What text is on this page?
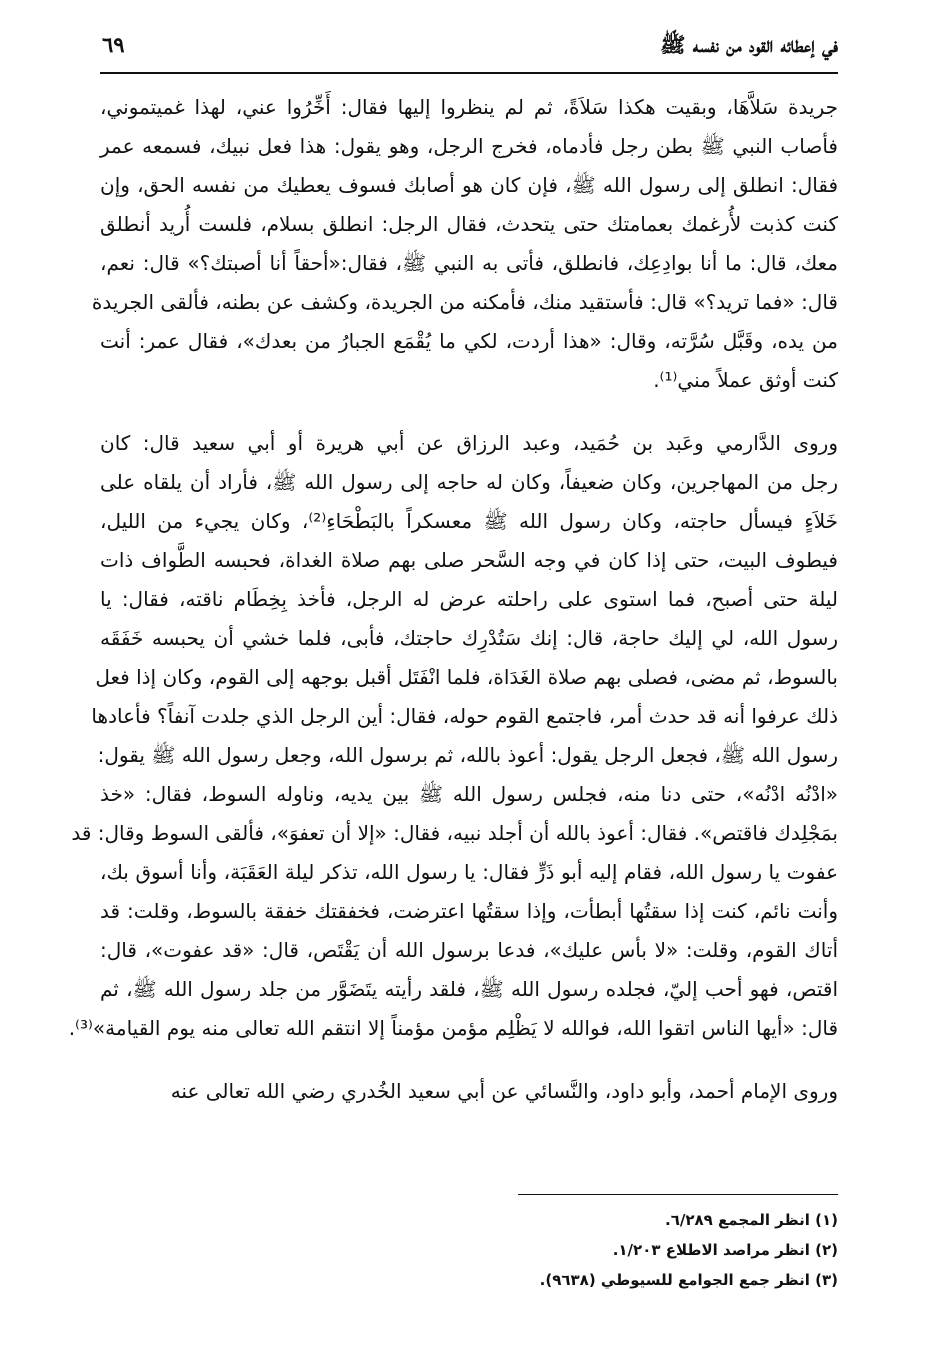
في إعطائه القود من نفسه ﷺ
٦٩
جريدة سَلاَّهَا، وبقيت هكذا سَلاَةً، ثم لم ينظروا إليها فقال: أَخِّرُوا عني، لهذا غميتموني،
فأصاب النبي ﷺ بطن رجل فأدماه، فخرج الرجل، وهو يقول: هذا فعل نبيك، فسمعه عمر
فقال: انطلق إلى رسول الله ﷺ، فإن كان هو أصابك فسوف يعطيك من نفسه الحق، وإن
كنت كذبت لأُرغمك بعمامتك حتى يتحدث، فقال الرجل: انطلق بسلام، فلست أُريد أنطلق
معك، قال: ما أنا بوادِعِك، فانطلق، فأتى به النبي ﷺ، فقال:«أحقاً أنا أصبتك؟» قال: نعم،
قال: «فما تريد؟» قال: فأستقيد منك، فأمكنه من الجريدة، وكشف عن بطنه، فألقى الجريدة
من يده، وقَبَّل سُرَّته، وقال: «هذا أردت، لكي ما يُقْمَع الجبارُ من بعدك»، فقال عمر: أنت
كنت أوثق عملاً مني⁽¹⁾.
وروى الدَّارمي وعَبد بن حُمَيد، وعبد الرزاق عن أبي هريرة أو أبي سعيد قال: كان
رجل من المهاجرين، وكان ضعيفاً، وكان له حاجه إلى رسول الله ﷺ، فأراد أن يلقاه على
خَلاَءٍ فيسأل حاجته، وكان رسول الله ﷺ معسكراً بالبَطْحَاءِ⁽²⁾، وكان يجيء من الليل،
فيطوف البيت، حتى إذا كان في وجه السَّحر صلى بهم صلاة الغداة، فحبسه الطَّواف ذات
ليلة حتى أصبح، فما استوى على راحلته عرض له الرجل، فأخذ بِخِطَام ناقته، فقال: يا
رسول الله، لي إليك حاجة، قال: إنك سَتُدْرِك حاجتك، فأبى، فلما خشي أن يحبسه خَفَقَه
بالسوط، ثم مضى، فصلى بهم صلاة الغَدَاة، فلما انْفَتَل أقبل بوجهه إلى القوم، وكان إذا فعل
ذلك عرفوا أنه قد حدث أمر، فاجتمع القوم حوله، فقال: أين الرجل الذي جلدت آنفاً؟ فأعادها
رسول الله ﷺ، فجعل الرجل يقول: أعوذ بالله، ثم برسول الله، وجعل رسول الله ﷺ يقول:
«ادْنُه ادْنُه»، حتى دنا منه، فجلس رسول الله ﷺ بين يديه، وناوله السوط، فقال: «خذ
بمَجْلِدك فاقتص». فقال: أعوذ بالله أن أجلد نبيه، فقال: «إلا أن تعفوَ»، فألقى السوط وقال: قد
عفوت يا رسول الله، فقام إليه أبو ذَرٍّ فقال: يا رسول الله، تذكر ليلة العَقَبَة، وأنا أسوق بك،
وأنت نائم، كنت إذا سقتُها أبطأت، وإذا سقتُها اعترضت، فخفقتك خفقة بالسوط، وقلت: قد
أتاك القوم، وقلت: «لا بأس عليك»، فدعا برسول الله أن يَقْتَص، قال: «قد عفوت»، قال:
اقتص، فهو أحب إليّ، فجلده رسول الله ﷺ، فلقد رأيته يتَضَوَّر من جلد رسول الله ﷺ، ثم
قال: «أيها الناس اتقوا الله، فوالله لا يَظْلِم مؤمن مؤمناً إلا انتقم الله تعالى منه يوم القيامة»⁽³⁾.
وروى الإمام أحمد، وأبو داود، والنَّسائي عن أبي سعيد الخُدري رضي الله تعالى عنه
(١) انظر المجمع ٦/٢٨٩.
(٢) انظر مراصد الاطلاع ١/٢٠٣.
(٣) انظر جمع الجوامع للسيوطي (٩٦٣٨).
